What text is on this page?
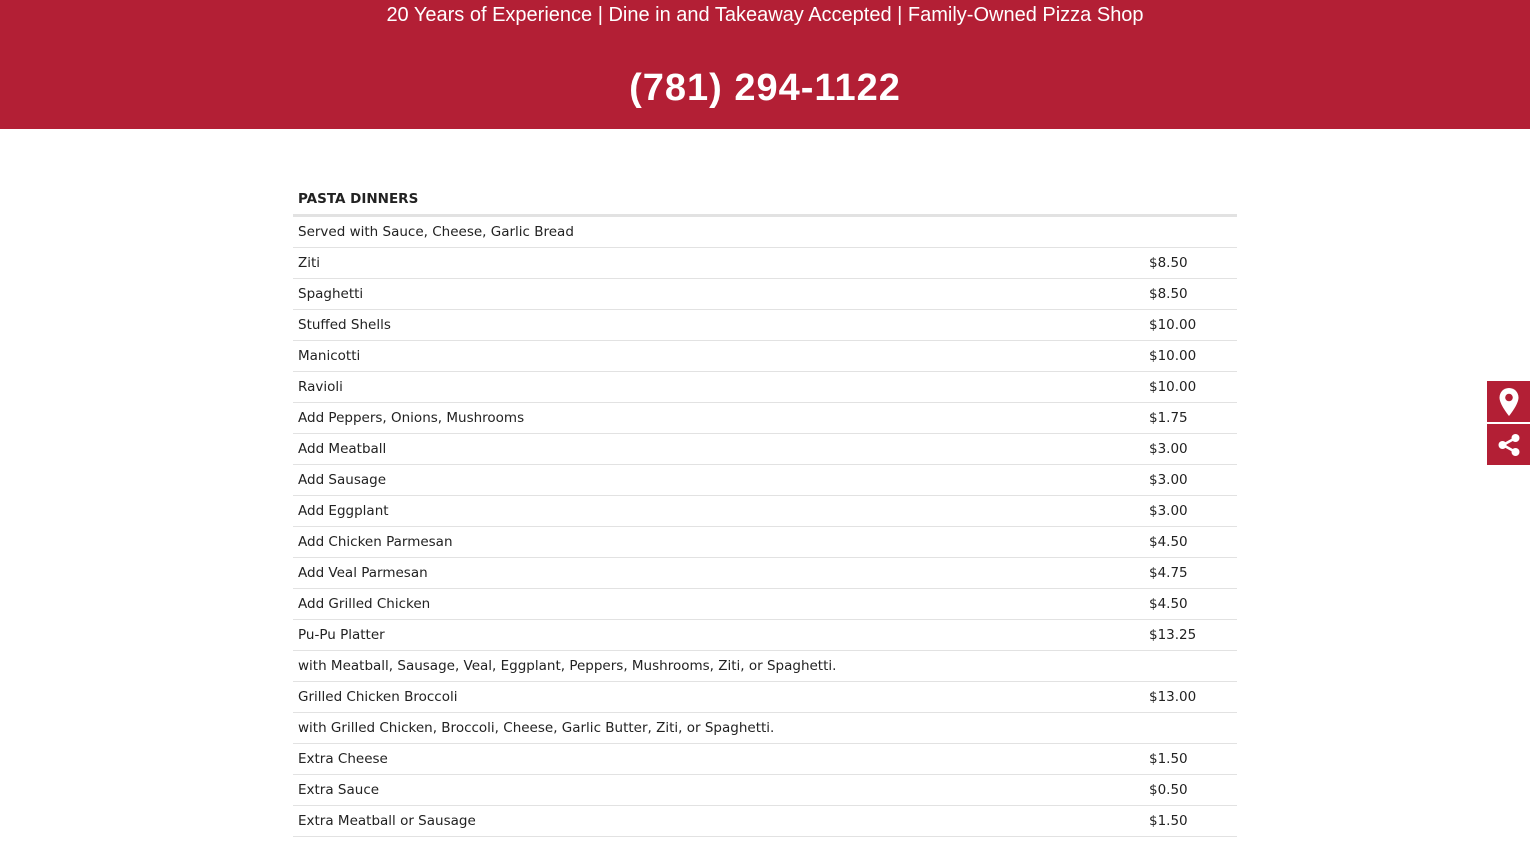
20 Years of Experience | Dine in and Takeaway Accepted | Family-Owned Pizza Shop
(781) 294-1122
PASTA DINNERS
Served with Sauce, Cheese, Garlic Bread
Ziti	$8.50
Spaghetti	$8.50
Stuffed Shells	$10.00
Manicotti	$10.00
Ravioli	$10.00
Add Peppers, Onions, Mushrooms	$1.75
Add Meatball	$3.00
Add Sausage	$3.00
Add Eggplant	$3.00
Add Chicken Parmesan	$4.50
Add Veal Parmesan	$4.75
Add Grilled Chicken	$4.50
Pu-Pu Platter	$13.25
with Meatball, Sausage, Veal, Eggplant, Peppers, Mushrooms, Ziti, or Spaghetti.
Grilled Chicken Broccoli	$13.00
with Grilled Chicken, Broccoli, Cheese, Garlic Butter, Ziti, or Spaghetti.
Extra Cheese	$1.50
Extra Sauce	$0.50
Extra Meatball or Sausage	$1.50
